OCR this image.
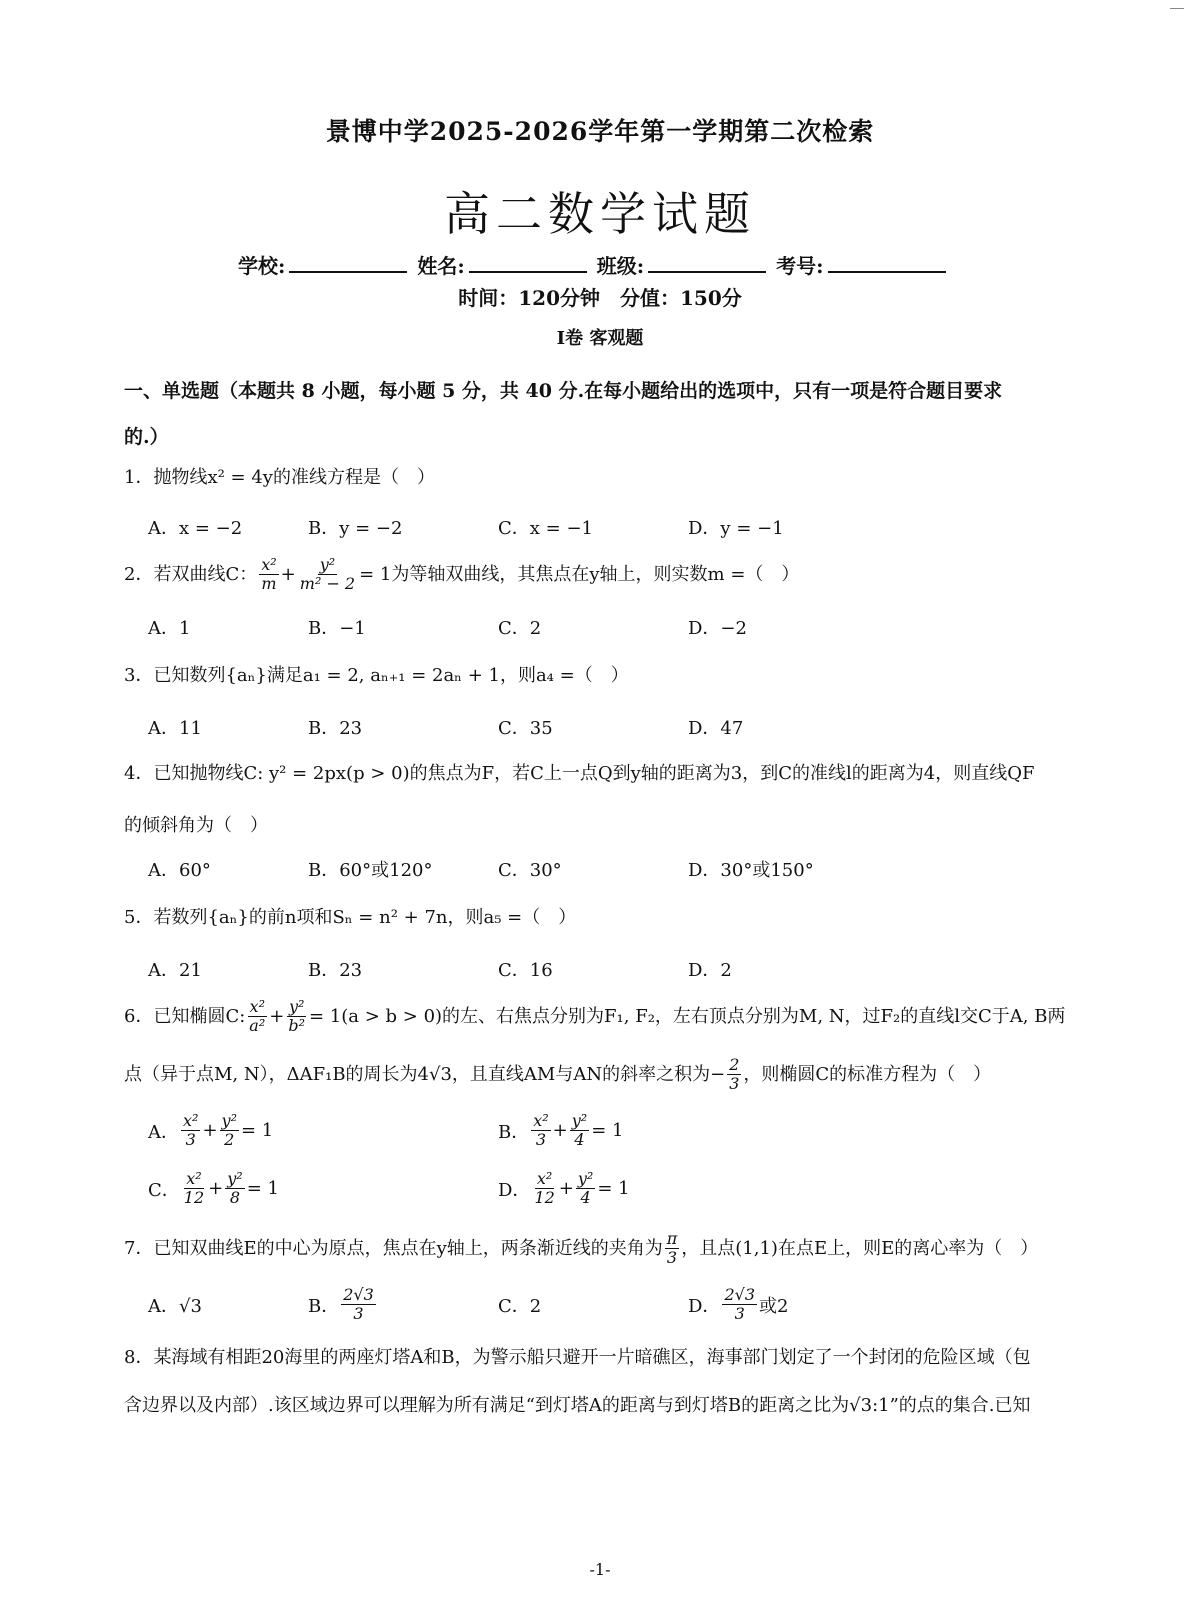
景博中学2025-2026学年第一学期第二次检索
高二数学试题
学校:	姓名:	班级:	考号:
时间：120分钟　分值：150分
I卷 客观题
一、单选题（本题共 8 小题，每小题 5 分，共 40 分.在每小题给出的选项中，只有一项是符合题目要求
的.）
1．抛物线x² = 4y的准线方程是（　）
A．x = −2	B．y = −2	C．x = −1	D．y = −1
2．若双曲线C： $\frac{\text{x²}}{m} + \frac{\text{y²}}{\text{m² − 2}} = 1$为等轴双曲线，其焦点在y轴上，则实数m =（　）
A．1	B．−1	C．2	D．−2
3．已知数列{aₙ}满足a₁ = 2, aₙ₊₁ = 2aₙ + 1，则a₄ =（　）
A．11	B．23	C．35	D．47
4．已知抛物线C: y² = 2px(p > 0)的焦点为F，若C上一点Q到y轴的距离为3，到C的准线l的距离为4，则直线QF
的倾斜角为（　）
A．60°	B．60°或120°	C．30°	D．30°或150°
5．若数列{aₙ}的前n项和Sₙ = n² + 7n，则a₅ =（　）
A．21	B．23	C．16	D．2
6．已知椭圆C: $\frac{\text{x²}}{\text{a²}} + \frac{\text{y²}}{\text{b²}} = 1(a > b > 0)$的左、右焦点分别为F₁, F₂，左右顶点分别为M, N，过F₂的直线l交C于A, B两
点（异于点M, N），ΔAF₁B的周长为4√3，且直线AM与AN的斜率之积为− $\frac{2}{3}$ ，则椭圆C的标准方程为（　）
A． $\frac{\text{x²}}{3} + \frac{\text{y²}}{2} = 1$	B． $\frac{\text{x²}}{3} + \frac{\text{y²}}{4} = 1$
C． $\frac{\text{x²}}{12} + \frac{\text{y²}}{8} = 1$	D． $\frac{\text{x²}}{12} + \frac{\text{y²}}{4} = 1$
7．已知双曲线E的中心为原点，焦点在y轴上，两条渐近线的夹角为 $\frac{\pi}{3}$ ，且点(1,1)在点E上，则E的离心率为（　）
A．√3	B． $\frac{2√3}{3}$	C．2	D． $\frac{2√3}{3}$ 或2
8．某海域有相距20海里的两座灯塔A和B，为警示船只避开一片暗礁区，海事部门划定了一个封闭的危险区域（包
含边界以及内部）.该区域边界可以理解为所有满足“到灯塔A的距离与到灯塔B的距离之比为√3:1”的点的集合.已知
-1-
